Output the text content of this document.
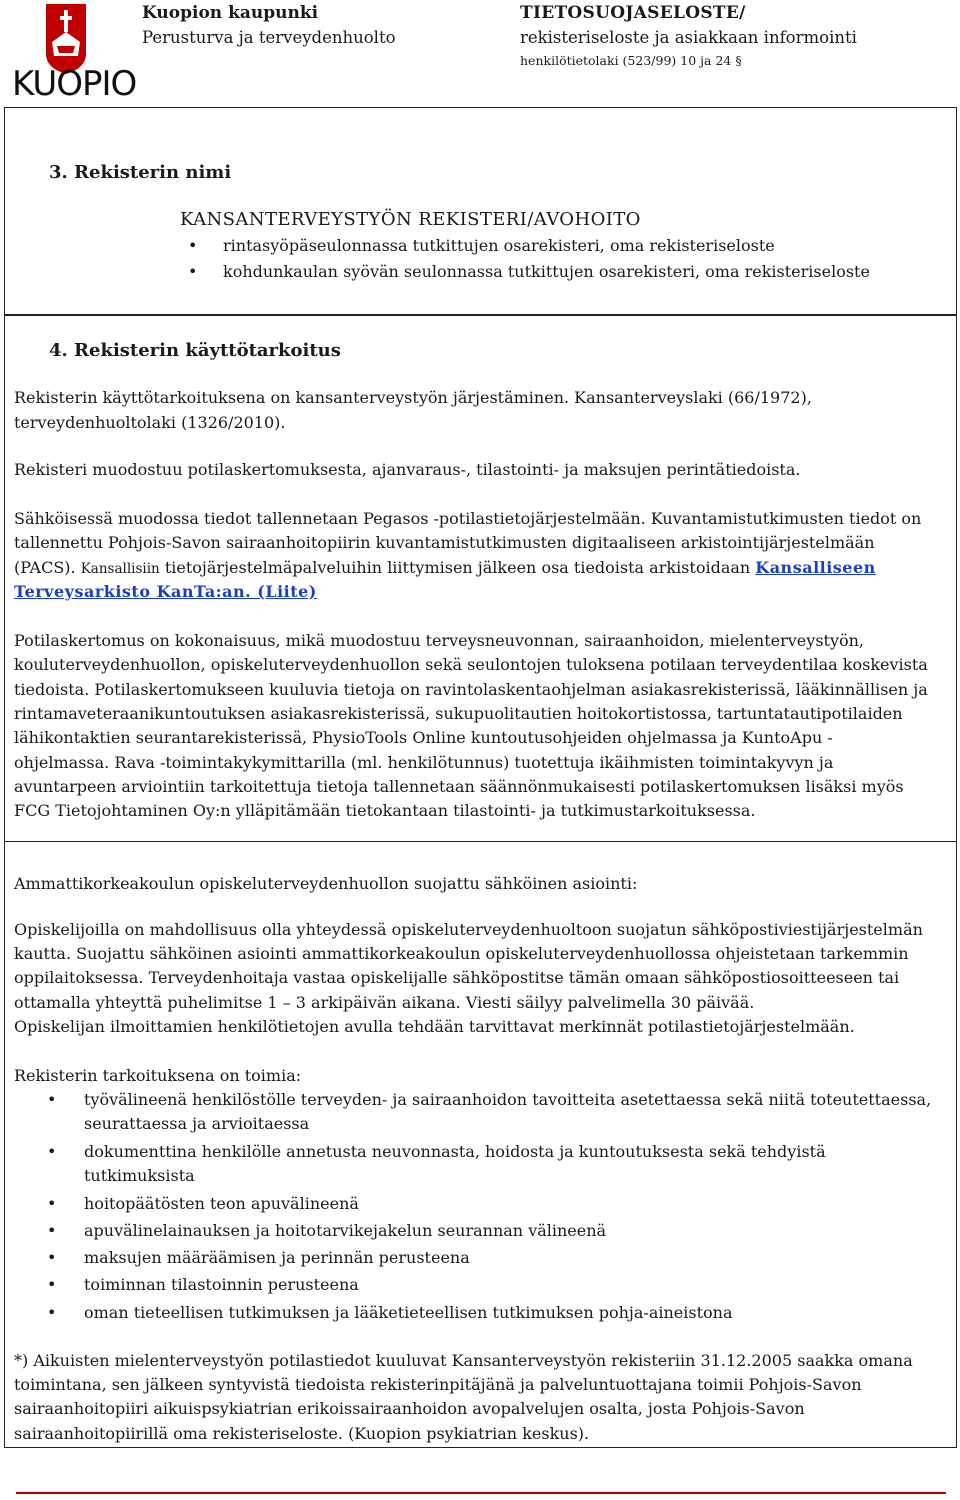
KUOPIO
Kuopion kaupunki
Perusturva ja terveydenhuolto
TIETOSUOJASELOSTE/
rekisteriseloste ja asiakkaan informointi
henkilötietolaki (523/99) 10 ja 24 §
3. Rekisterin nimi
KANSANTERVEYSTYÖN REKISTERI/AVOHOITO
• rintasyöpäseulonnassa tutkittujen osarekisteri, oma rekisteriseloste
• kohdunkaulan syövän seulonnassa tutkittujen osarekisteri, oma rekisteriseloste
4. Rekisterin käyttötarkoitus
Rekisterin käyttötarkoituksena on kansanterveystyön järjestäminen. Kansanterveyslaki (66/1972),
terveydenhuoltolaki (1326/2010).
Rekisteri muodostuu potilaskertomuksesta, ajanvaraus-, tilastointi- ja maksujen perintätiedoista.
Sähköisessä muodossa tiedot tallennetaan Pegasos -potilastietojärjestelmään. Kuvantamistutkimusten tiedot on
tallennettu Pohjois-Savon sairaanhoitopiirin kuvantamistutkimusten digitaaliseen arkistointijärjestelmään
(PACS). Kansallisiin tietojärjestelmäpalveluihin liittymisen jälkeen osa tiedoista arkistoidaan Kansalliseen
Terveysarkisto KanTa:an. (Liite)
Potilaskertomus on kokonaisuus, mikä muodostuu terveysneuvonnan, sairaanhoidon, mielenterveystyön,
kouluterveydenhuollon, opiskeluterveydenhuollon sekä seulontojen tuloksena potilaan terveydentilaa koskevista
tiedoista. Potilaskertomukseen kuuluvia tietoja on ravintolaskentaohjelman asiakasrekisterissä, lääkinnällisen ja
rintamaveteraanikuntoutuksen asiakasrekisterissä, sukupuolitautien hoitokortistossa, tartuntatautipotilaiden
lähikontaktien seurantarekisterissä, PhysioTools Online kuntoutusohjeiden ohjelmassa ja KuntoApu -
ohjelmassa. Rava -toimintakykymittarilla (ml. henkilötunnus) tuotettuja ikäihmisten toimintakyvyn ja
avuntarpeen arviointiin tarkoitettuja tietoja tallennetaan säännönmukaisesti potilaskertomuksen lisäksi myös
FCG Tietojohtaminen Oy:n ylläpitämään tietokantaan tilastointi- ja tutkimustarkoituksessa.
Ammattikorkeakoulun opiskeluterveydenhuollon suojattu sähköinen asiointi:
Opiskelijoilla on mahdollisuus olla yhteydessä opiskeluterveydenhuoltoon suojatun sähköpostiviestijärjestelmän
kautta. Suojattu sähköinen asiointi ammattikorkeakoulun opiskeluterveydenhuollossa ohjeistetaan tarkemmin
oppilaitoksessa. Terveydenhoitaja vastaa opiskelijalle sähköpostitse tämän omaan sähköpostiosoitteeseen tai
ottamalla yhteyttä puhelimitse 1 – 3 arkipäivän aikana. Viesti säilyy palvelimella 30 päivää.
Opiskelijan ilmoittamien henkilötietojen avulla tehdään tarvittavat merkinnät potilastietojärjestelmään.
Rekisterin tarkoituksena on toimia:
• työvälineenä henkilöstölle terveyden- ja sairaanhoidon tavoitteita asetettaessa sekä niitä toteutettaessa,
seurattaessa ja arvioitaessa
• dokumenttina henkilölle annetusta neuvonnasta, hoidosta ja kuntoutuksesta sekä tehdyistä
tutkimuksista
• hoitopäätösten teon apuvälineenä
• apuvälinelainauksen ja hoitotarvikejakelun seurannan välineenä
• maksujen määräämisen ja perinnän perusteena
• toiminnan tilastoinnin perusteena
• oman tieteellisen tutkimuksen ja lääketieteellisen tutkimuksen pohja-aineistona
*) Aikuisten mielenterveystyön potilastiedot kuuluvat Kansanterveystyön rekisteriin 31.12.2005 saakka omana
toimintana, sen jälkeen syntyvistä tiedoista rekisterinpitäjänä ja palveluntuottajana toimii Pohjois-Savon
sairaanhoitopiiri aikuispsykiatrian erikoissairaanhoidon avopalvelujen osalta, josta Pohjois-Savon
sairaanhoitopiirillä oma rekisteriseloste. (Kuopion psykiatrian keskus).
